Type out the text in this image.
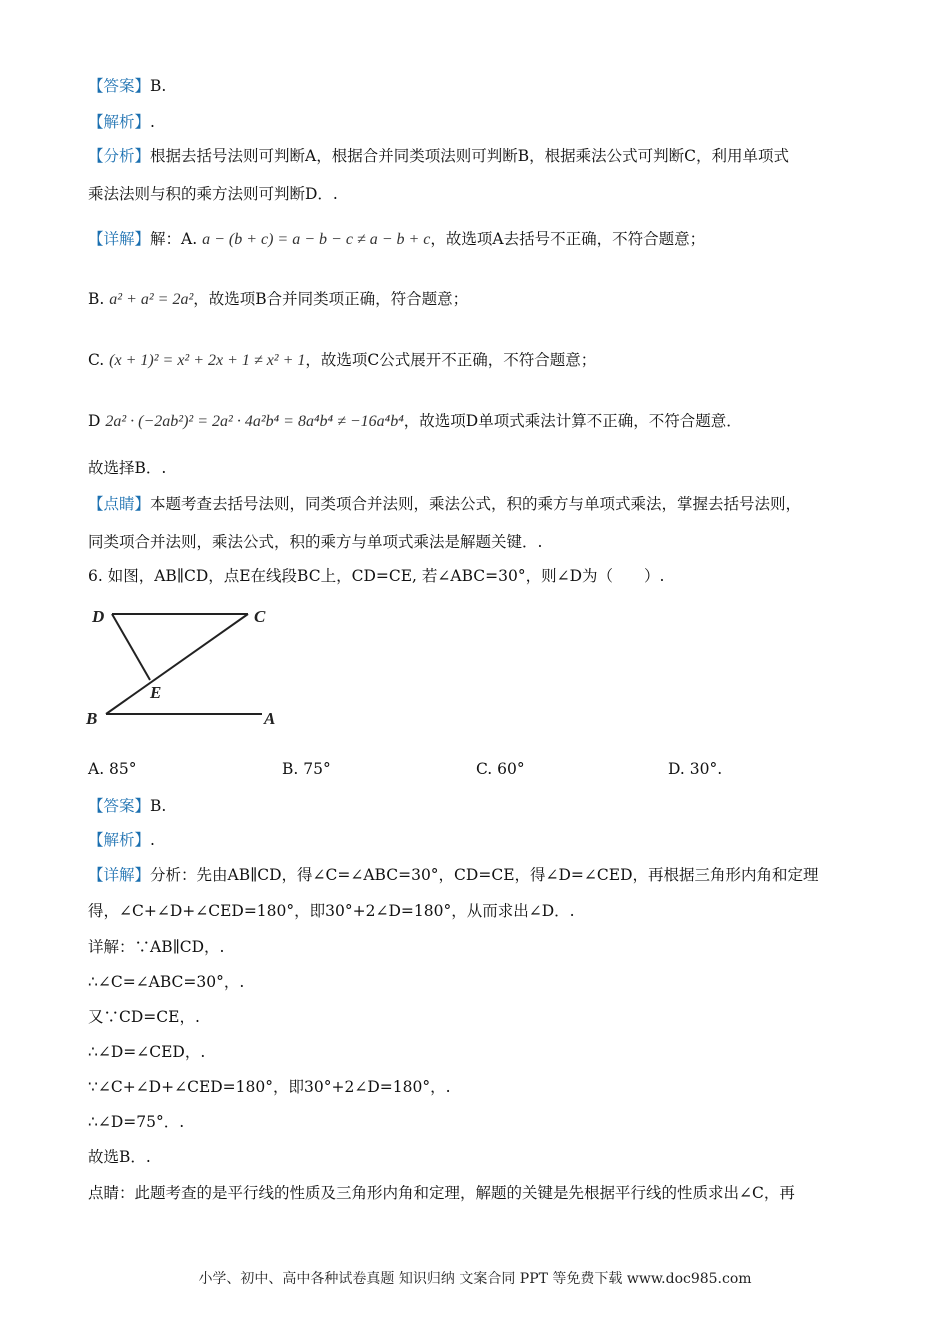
【答案】B.
【解析】.
【分析】根据去括号法则可判断A，根据合并同类项法则可判断B，根据乘法公式可判断C，利用单项式
乘法法则与积的乘方法则可判断D．.
【详解】解：A. a − (b + c) = a − b − c ≠ a − b + c，故选项A去括号不正确，不符合题意；
B. a² + a² = 2a²，故选项B合并同类项正确，符合题意；
C. (x + 1)² = x² + 2x + 1 ≠ x² + 1，故选项C公式展开不正确，不符合题意；
D 2a² · (−2ab²)² = 2a² · 4a²b⁴ = 8a⁴b⁴ ≠ −16a⁴b⁴，故选项D单项式乘法计算不正确，不符合题意．
故选择B．.
【点睛】本题考查去括号法则，同类项合并法则，乘法公式，积的乘方与单项式乘法，掌握去括号法则，
同类项合并法则，乘法公式，积的乘方与单项式乘法是解题关键．.
6. 如图，AB∥CD，点E在线段BC上，CD=CE, 若∠ABC=30°，则∠D为（　　）.
D	C
E
B	A
A. 85°	B. 75°	C. 60°	D. 30°.
【答案】B.
【解析】.
【详解】分析：先由AB∥CD，得∠C=∠ABC=30°，CD=CE，得∠D=∠CED，再根据三角形内角和定理
得，∠C+∠D+∠CED=180°，即30°+2∠D=180°，从而求出∠D．.
详解：∵AB∥CD，.
∴∠C=∠ABC=30°，.
又∵CD=CE，.
∴∠D=∠CED，.
∵∠C+∠D+∠CED=180°，即30°+2∠D=180°，.
∴∠D=75°．.
故选B．.
点睛：此题考查的是平行线的性质及三角形内角和定理，解题的关键是先根据平行线的性质求出∠C，再
小学、初中、高中各种试卷真题 知识归纳 文案合同 PPT 等免费下载 www.doc985.com
